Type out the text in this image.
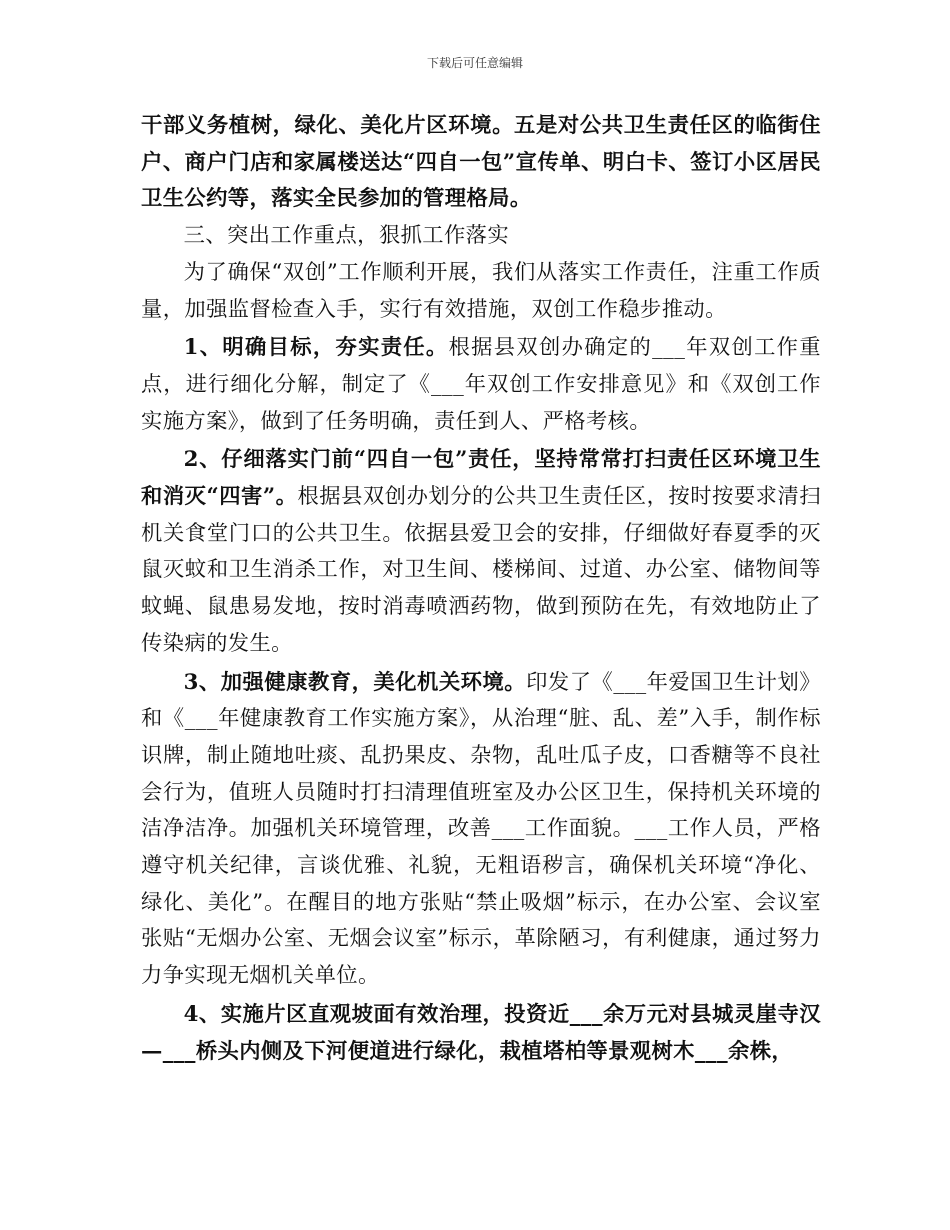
下载后可任意编辑

干部义务植树，绿化、美化片区环境。五是对公共卫生责任区的临街住户、商户门店和家属楼送达“四自一包”宣传单、明白卡、签订小区居民卫生公约等，落实全民参加的管理格局。

三、突出工作重点，狠抓工作落实

为了确保“双创”工作顺利开展，我们从落实工作责任，注重工作质量，加强监督检查入手，实行有效措施，双创工作稳步推动。

1、明确目标，夯实责任。根据县双创办确定的___年双创工作重点，进行细化分解，制定了《___年双创工作安排意见》和《双创工作实施方案》，做到了任务明确，责任到人、严格考核。

2、仔细落实门前“四自一包”责任，坚持常常打扫责任区环境卫生和消灭“四害”。根据县双创办划分的公共卫生责任区，按时按要求清扫机关食堂门口的公共卫生。依据县爱卫会的安排，仔细做好春夏季的灭鼠灭蚊和卫生消杀工作，对卫生间、楼梯间、过道、办公室、储物间等蚊蝇、鼠患易发地，按时消毒喷洒药物，做到预防在先，有效地防止了传染病的发生。

3、加强健康教育，美化机关环境。印发了《___年爱国卫生计划》和《___年健康教育工作实施方案》，从治理“脏、乱、差”入手，制作标识牌，制止随地吐痰、乱扔果皮、杂物，乱吐瓜子皮，口香糖等不良社会行为，值班人员随时打扫清理值班室及办公区卫生，保持机关环境的洁净洁净。加强机关环境管理，改善___工作面貌。___工作人员，严格遵守机关纪律，言谈优雅、礼貌，无粗语秽言，确保机关环境“净化、绿化、美化”。在醒目的地方张贴“禁止吸烟”标示，在办公室、会议室张贴“无烟办公室、无烟会议室”标示，革除陋习，有利健康，通过努力力争实现无烟机关单位。

4、实施片区直观坡面有效治理，投资近___余万元对县城灵崖寺汉—___桥头内侧及下河便道进行绿化，栽植塔柏等景观树木___余株，
